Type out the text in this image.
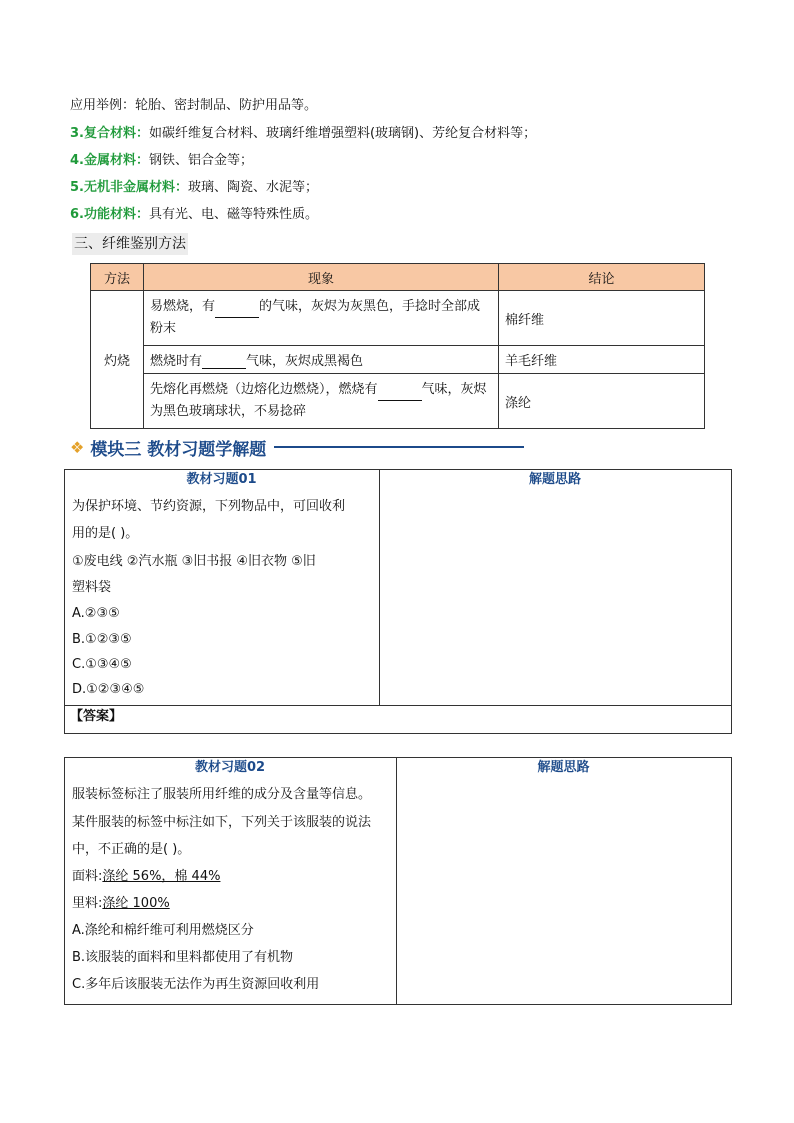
应用举例：轮胎、密封制品、防护用品等。
3.复合材料：如碳纤维复合材料、玻璃纤维增强塑料(玻璃钢)、芳纶复合材料等；
4.金属材料：钢铁、铝合金等；
5.无机非金属材料：玻璃、陶瓷、水泥等；
6.功能材料：具有光、电、磁等特殊性质。
三、纤维鉴别方法
方法	现象	结论
灼烧	易燃烧，有 的气味，灰烬为灰黑色，手捻时全部成粉末	棉纤维
	燃烧时有 气味，灰烬成黑褐色	羊毛纤维
	先熔化再燃烧（边熔化边燃烧），燃烧有 气味，灰烬为黑色玻璃球状，不易捻碎	涤纶
❖ 模块三 教材习题学解题
教材习题01	解题思路
为保护环境、节约资源，下列物品中，可回收利
用的是( )。
①废电线 ②汽水瓶 ③旧书报 ④旧衣物 ⑤旧
塑料袋
A.②③⑤
B.①②③⑤
C.①③④⑤
D.①②③④⑤
【答案】
教材习题02	解题思路
服装标签标注了服装所用纤维的成分及含量等信息。
某件服装的标签中标注如下，下列关于该服装的说法
中，不正确的是( )。
面料:涤纶 56%，棉 44%
里料:涤纶 100%
A.涤纶和棉纤维可利用燃烧区分
B.该服装的面料和里料都使用了有机物
C.多年后该服装无法作为再生资源回收利用
